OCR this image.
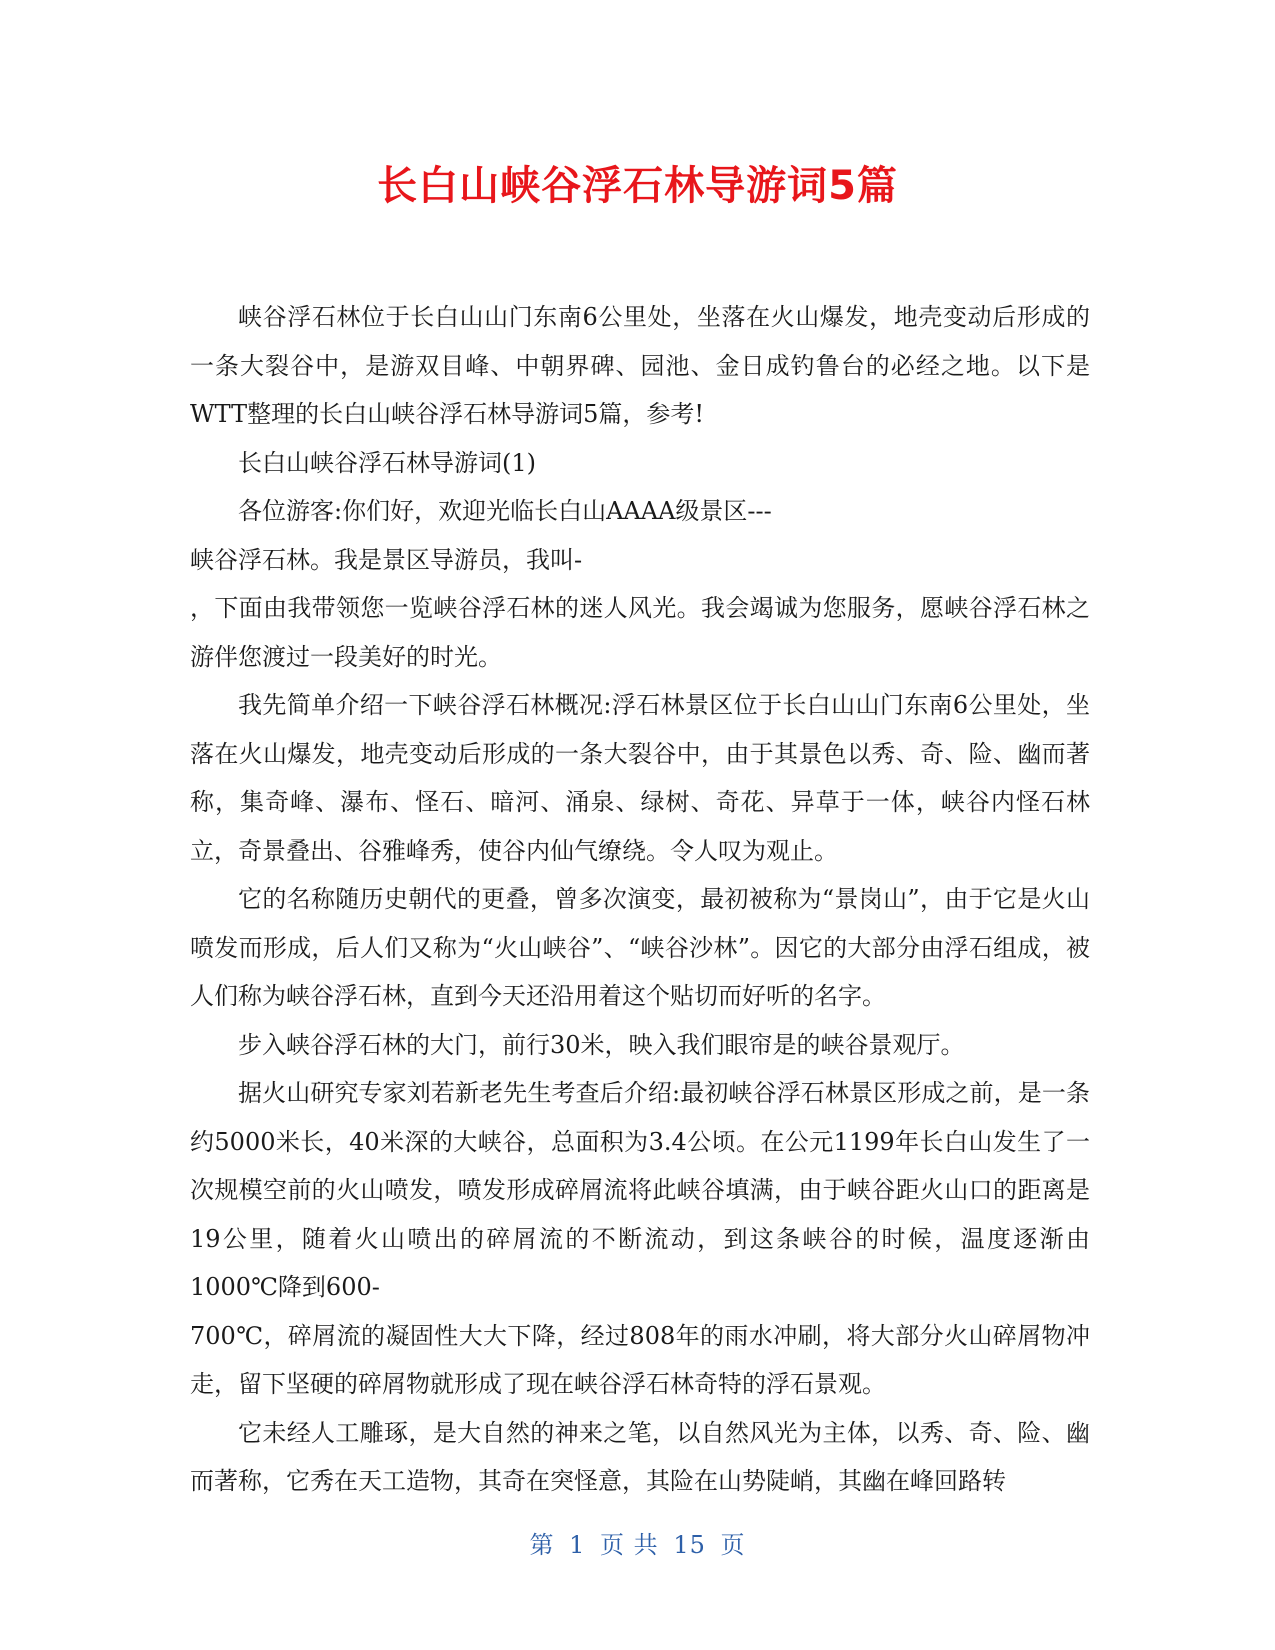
长白山峡谷浮石林导游词5篇

峡谷浮石林位于长白山山门东南6公里处，坐落在火山爆发，地壳变动后形成的一条大裂谷中，是游双目峰、中朝界碑、园池、金日成钓鲁台的必经之地。以下是WTT整理的长白山峡谷浮石林导游词5篇，参考!

长白山峡谷浮石林导游词(1)

各位游客:你们好，欢迎光临长白山AAAA级景区---

峡谷浮石林。我是景区导游员，我叫-

，下面由我带领您一览峡谷浮石林的迷人风光。我会竭诚为您服务，愿峡谷浮石林之游伴您渡过一段美好的时光。

我先简单介绍一下峡谷浮石林概况:浮石林景区位于长白山山门东南6公里处，坐落在火山爆发，地壳变动后形成的一条大裂谷中，由于其景色以秀、奇、险、幽而著称，集奇峰、瀑布、怪石、暗河、涌泉、绿树、奇花、异草于一体，峡谷内怪石林立，奇景叠出、谷雅峰秀，使谷内仙气缭绕。令人叹为观止。

它的名称随历史朝代的更叠，曾多次演变，最初被称为“景岗山”，由于它是火山喷发而形成，后人们又称为“火山峡谷”、“峡谷沙林”。因它的大部分由浮石组成，被人们称为峡谷浮石林，直到今天还沿用着这个贴切而好听的名字。

步入峡谷浮石林的大门，前行30米，映入我们眼帘是的峡谷景观厅。

据火山研究专家刘若新老先生考查后介绍:最初峡谷浮石林景区形成之前，是一条约5000米长，40米深的大峡谷，总面积为3.4公顷。在公元1199年长白山发生了一次规模空前的火山喷发，喷发形成碎屑流将此峡谷填满，由于峡谷距火山口的距离是19公里，随着火山喷出的碎屑流的不断流动，到这条峡谷的时候，温度逐渐由1000℃降到600-

700℃，碎屑流的凝固性大大下降，经过808年的雨水冲刷，将大部分火山碎屑物冲走，留下坚硬的碎屑物就形成了现在峡谷浮石林奇特的浮石景观。

它未经人工雕琢，是大自然的神来之笔，以自然风光为主体，以秀、奇、险、幽而著称，它秀在天工造物，其奇在突怪意，其险在山势陡峭，其幽在峰回路转

第 1 页 共 15 页
